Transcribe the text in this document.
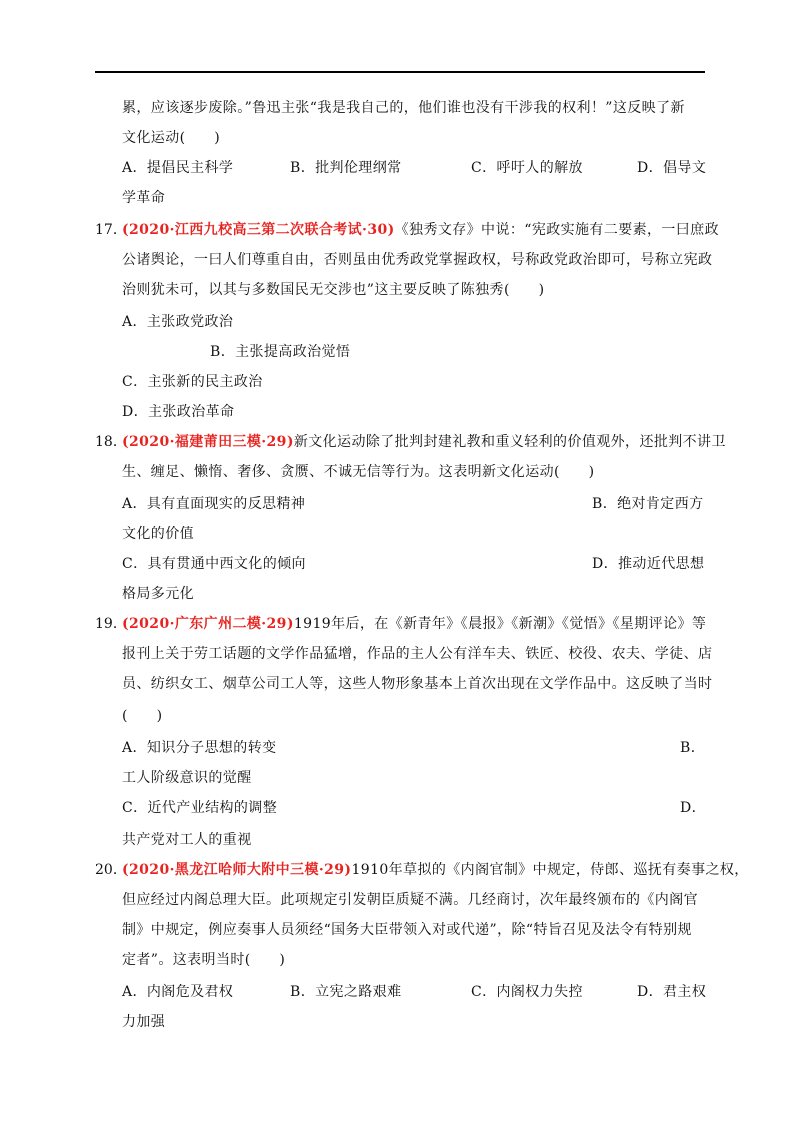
累，应该逐步废除。”鲁迅主张“我是我自己的，他们谁也没有干涉我的权利！”这反映了新
文化运动(　　)
A．提倡民主科学	B．批判伦理纲常	C．呼吁人的解放	D．倡导文
学革命
17．
(2020·江西九校高三第二次联合考试·30)《独秀文存》中说：“宪政实施有二要素，一曰庶政
公诸舆论，一曰人们尊重自由，否则虽由优秀政党掌握政权，号称政党政治即可，号称立宪政
治则犹未可，以其与多数国民无交涉也”这主要反映了陈独秀(　　)
A．主张政党政治
B．主张提高政治觉悟
C．主张新的民主政治
D．主张政治革命
18．
(2020·福建莆田三模·29)新文化运动除了批判封建礼教和重义轻利的价值观外，还批判不讲卫
生、缠足、懒惰、奢侈、贪赝、不诚无信等行为。这表明新文化运动(　　)
A．具有直面现实的反思精神	B．绝对肯定西方
文化的价值
C．具有贯通中西文化的倾向	D．推动近代思想
格局多元化
19．
(2020·广东广州二模·29)1919年后，在《新青年》《晨报》《新潮》《觉悟》《星期评论》等
报刊上关于劳工话题的文学作品猛增，作品的主人公有洋车夫、铁匠、校役、农夫、学徒、店
员、纺织女工、烟草公司工人等，这些人物形象基本上首次出现在文学作品中。这反映了当时
(　　)
A．知识分子思想的转变	B．
工人阶级意识的觉醒
C．近代产业结构的调整	D．
共产党对工人的重视
20．
(2020·黑龙江哈师大附中三模·29)1910年草拟的《内阁官制》中规定，侍郎、巡抚有奏事之权，
但应经过内阁总理大臣。此项规定引发朝臣质疑不满。几经商讨，次年最终颁布的《内阁官
制》中规定，例应奏事人员须经“国务大臣带领入对或代递”，除“特旨召见及法令有特别规
定者”。这表明当时(　　)
A．内阁危及君权	B．立宪之路艰难	C．内阁权力失控	D．君主权
力加强
